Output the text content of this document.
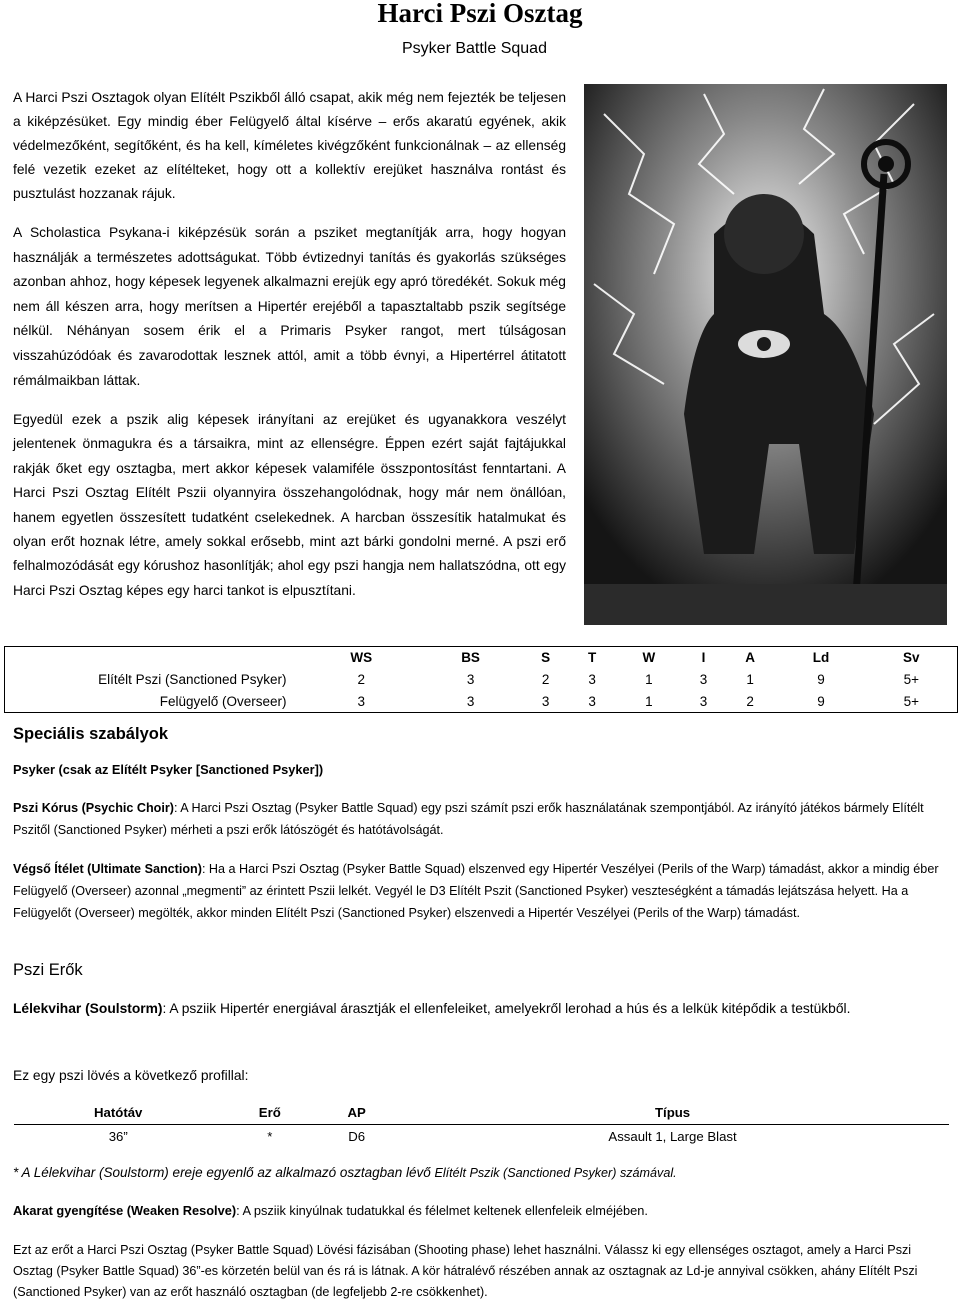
Harci Pszi Osztag
Psyker Battle Squad

A Harci Pszi Osztagok olyan Elítélt Pszikből álló csapat, akik még nem fejezték be teljesen a kiképzésüket. Egy mindig éber Felügyelő által kísérve – erős akaratú egyének, akik védelmezőként, segítőként, és ha kell, kíméletes kivégzőként funkcionálnak – az ellenség felé vezetik ezeket az elítélteket, hogy ott a kollektív erejüket használva rontást és pusztulást hozzanak rájuk.

A Scholastica Psykana-i kiképzésük során a psziket megtanítják arra, hogy hogyan használják a természetes adottságukat. Több évtizednyi tanítás és gyakorlás szükséges azonban ahhoz, hogy képesek legyenek alkalmazni erejük egy apró töredékét. Sokuk még nem áll készen arra, hogy merítsen a Hipertér erejéből a tapasztaltabb pszik segítsége nélkül. Néhányan sosem érik el a Primaris Psyker rangot, mert túlságosan visszahúzódóak és zavarodottak lesznek attól, amit a több évnyi, a Hipertérrel átitatott rémálmaikban láttak.

Egyedül ezek a pszik alig képesek irányítani az erejüket és ugyanakkora veszélyt jelentenek önmagukra és a társaikra, mint az ellenségre. Éppen ezért saját fajtájukkal rakják őket egy osztagba, mert akkor képesek valamiféle összpontosítást fenntartani. A Harci Pszi Osztag Elítélt Pszii olyannyira összehangolódnak, hogy már nem önállóan, hanem egyetlen összesített tudatként cselekednek. A harcban összesítik hatalmukat és olyan erőt hoznak létre, amely sokkal erősebb, mint azt bárki gondolni merné. A pszi erő felhalmozódását egy kórushoz hasonlítják; ahol egy pszi hangja nem hallatszódna, ott egy Harci Pszi Osztag képes egy harci tankot is elpusztítani.

	WS	BS	S	T	W	I	A	Ld	Sv
Elítélt Pszi (Sanctioned Psyker)	2	3	2	3	1	3	1	9	5+
Felügyelő (Overseer)	3	3	3	3	1	3	2	9	5+
Speciális szabályok
Psyker (csak az Elítélt Psyker [Sanctioned Psyker])

Pszi Kórus (Psychic Choir): A Harci Pszi Osztag (Psyker Battle Squad) egy pszi számít pszi erők használatának szempontjából. Az irányító játékos bármely Elítélt Pszitől (Sanctioned Psyker) mérheti a pszi erők látószögét és hatótávolságát.

Végső Ítélet (Ultimate Sanction): Ha a Harci Pszi Osztag (Psyker Battle Squad) elszenved egy Hipertér Veszélyei (Perils of the Warp) támadást, akkor a mindig éber Felügyelő (Overseer) azonnal „megmenti” az érintett Pszii lelkét. Vegyél le D3 Elítélt Pszit (Sanctioned Psyker) veszteségként a támadás lejátszása helyett. Ha a Felügyelőt (Overseer) megölték, akkor minden Elítélt Pszi (Sanctioned Psyker) elszenvedi a Hipertér Veszélyei (Perils of the Warp) támadást.

Pszi Erők

Lélekvihar (Soulstorm): A psziik Hipertér energiával árasztják el ellenfeleiket, amelyekről lerohad a hús és a lelkük kitépődik a testükből.

Ez egy pszi lövés a következő profillal:

Hatótáv	Erő	AP	Típus
36”	*	D6	Assault 1, Large Blast

* A Lélekvihar (Soulstorm) ereje egyenlő az alkalmazó osztagban lévő Elítélt Pszik (Sanctioned Psyker) számával.

Akarat gyengítése (Weaken Resolve): A psziik kinyúlnak tudatukkal és félelmet keltenek ellenfeleik elméjében.

Ezt az erőt a Harci Pszi Osztag (Psyker Battle Squad) Lövési fázisában (Shooting phase) lehet használni. Válassz ki egy ellenséges osztagot, amely a Harci Pszi Osztag (Psyker Battle Squad) 36”-es körzetén belül van és rá is látnak. A kör hátralévő részében annak az osztagnak az Ld-je annyival csökken, ahány Elítélt Pszi (Sanctioned Psyker) van az erőt használó osztagban (de legfeljebb 2-re csökkenhet).
